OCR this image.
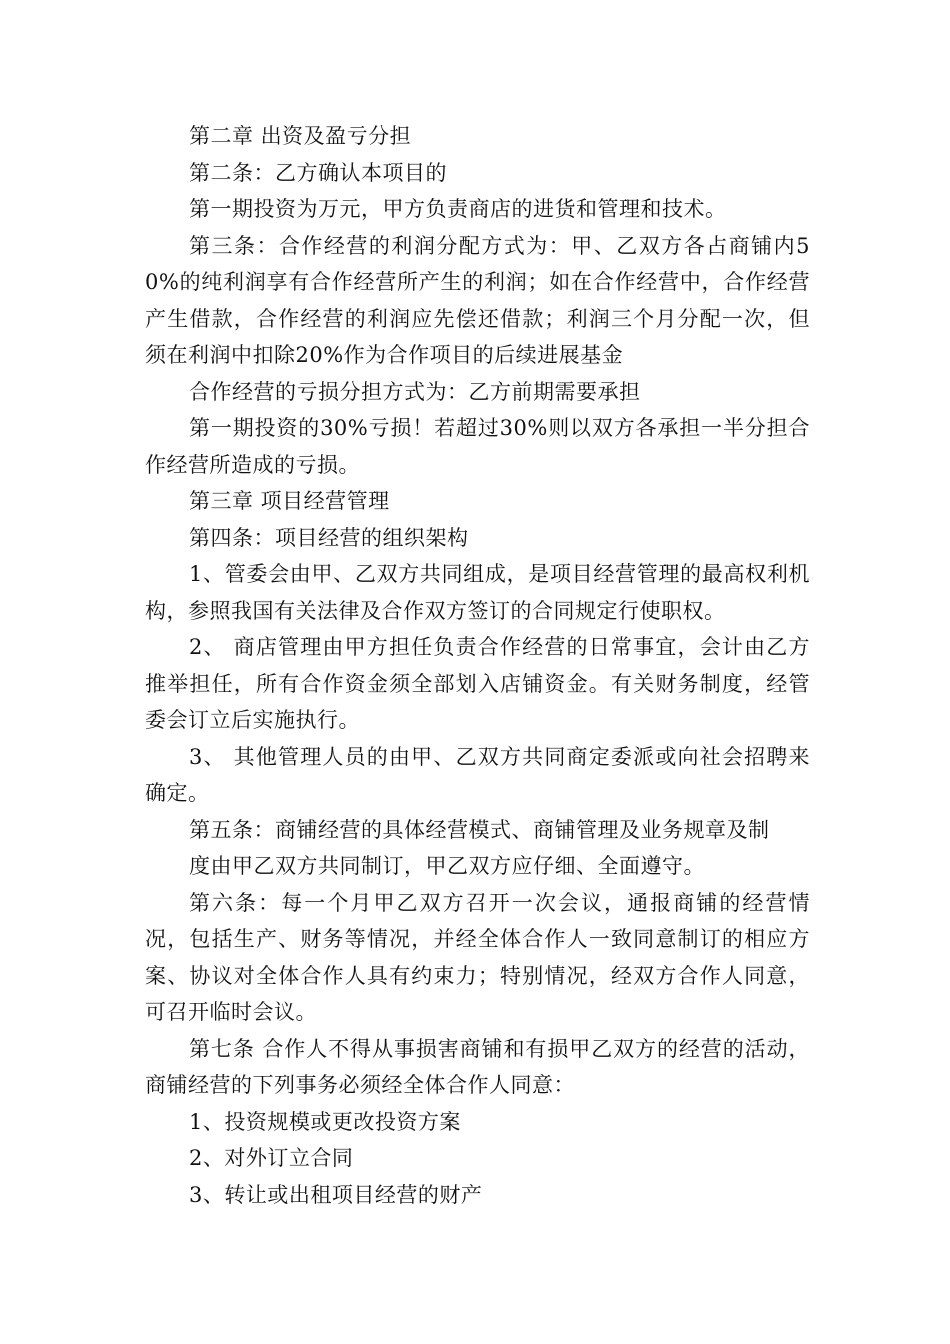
第二章 出资及盈亏分担

第二条：乙方确认本项目的

第一期投资为万元，甲方负责商店的进货和管理和技术。

第三条：合作经营的利润分配方式为：甲、乙双方各占商铺内50%的纯利润享有合作经营所产生的利润；如在合作经营中，合作经营产生借款，合作经营的利润应先偿还借款；利润三个月分配一次，但须在利润中扣除20%作为合作项目的后续进展基金

合作经营的亏损分担方式为：乙方前期需要承担

第一期投资的30%亏损！若超过30%则以双方各承担一半分担合作经营所造成的亏损。

第三章 项目经营管理

第四条：项目经营的组织架构

1、管委会由甲、乙双方共同组成，是项目经营管理的最高权利机构，参照我国有关法律及合作双方签订的合同规定行使职权。

2、 商店管理由甲方担任负责合作经营的日常事宜，会计由乙方推举担任，所有合作资金须全部划入店铺资金。有关财务制度，经管委会订立后实施执行。

3、 其他管理人员的由甲、乙双方共同商定委派或向社会招聘来确定。

第五条：商铺经营的具体经营模式、商铺管理及业务规章及制

度由甲乙双方共同制订，甲乙双方应仔细、全面遵守。

第六条：每一个月甲乙双方召开一次会议，通报商铺的经营情况，包括生产、财务等情况，并经全体合作人一致同意制订的相应方案、协议对全体合作人具有约束力；特别情况，经双方合作人同意，可召开临时会议。

第七条 合作人不得从事损害商铺和有损甲乙双方的经营的活动，商铺经营的下列事务必须经全体合作人同意：

1、投资规模或更改投资方案

2、对外订立合同

3、转让或出租项目经营的财产
